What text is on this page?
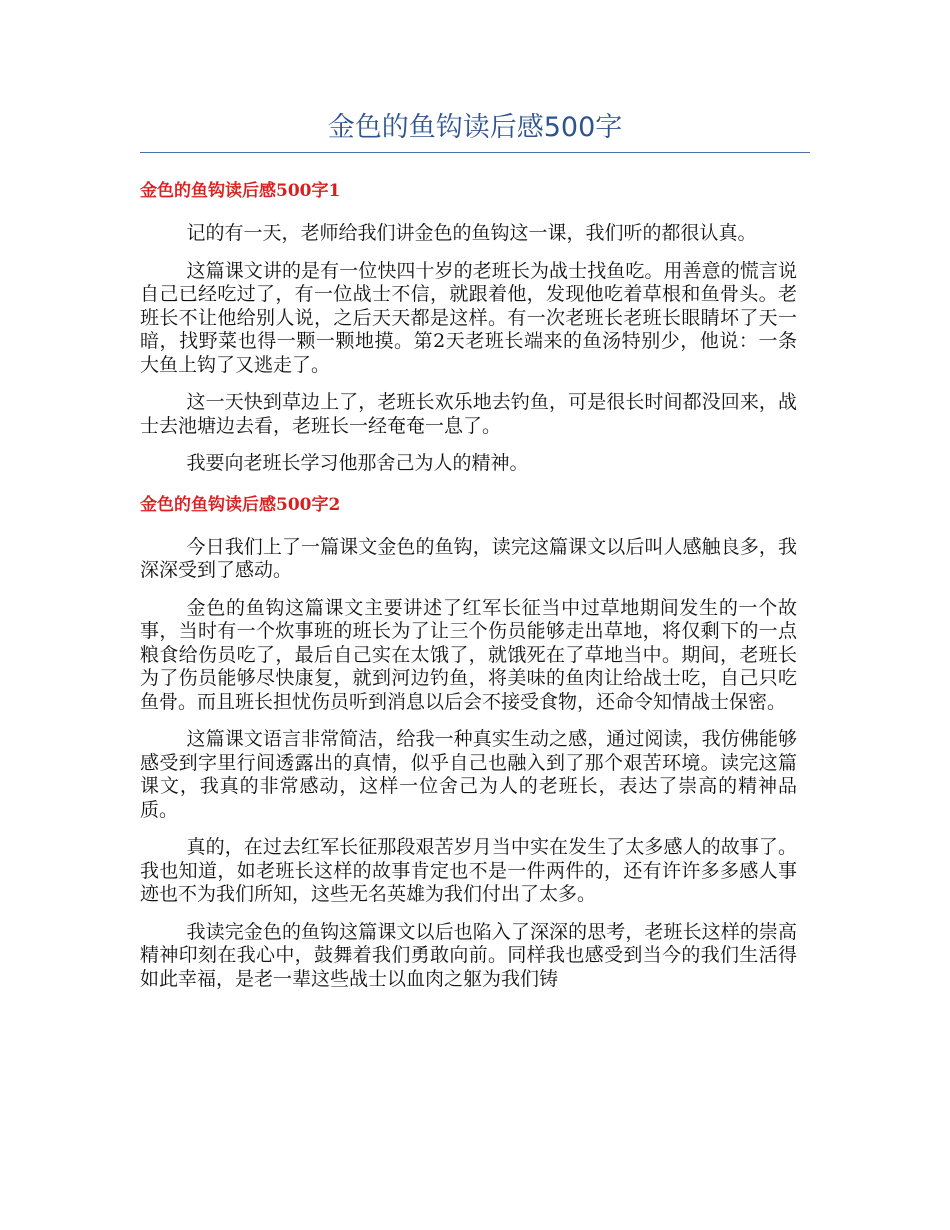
金色的鱼钩读后感500字
金色的鱼钩读后感500字1

记的有一天，老师给我们讲金色的鱼钩这一课，我们听的都很认真。

这篇课文讲的是有一位快四十岁的老班长为战士找鱼吃。用善意的慌言说自己已经吃过了，有一位战士不信，就跟着他，发现他吃着草根和鱼骨头。老班长不让他给别人说，之后天天都是这样。有一次老班长老班长眼睛坏了天一暗，找野菜也得一颗一颗地摸。第2天老班长端来的鱼汤特别少，他说：一条大鱼上钩了又逃走了。

这一天快到草边上了，老班长欢乐地去钓鱼，可是很长时间都没回来，战士去池塘边去看，老班长一经奄奄一息了。

我要向老班长学习他那舍己为人的精神。

金色的鱼钩读后感500字2

今日我们上了一篇课文金色的鱼钩，读完这篇课文以后叫人感触良多，我深深受到了感动。

金色的鱼钩这篇课文主要讲述了红军长征当中过草地期间发生的一个故事，当时有一个炊事班的班长为了让三个伤员能够走出草地，将仅剩下的一点粮食给伤员吃了，最后自己实在太饿了，就饿死在了草地当中。期间，老班长为了伤员能够尽快康复，就到河边钓鱼，将美味的鱼肉让给战士吃，自己只吃鱼骨。而且班长担忧伤员听到消息以后会不接受食物，还命令知情战士保密。

这篇课文语言非常简洁，给我一种真实生动之感，通过阅读，我仿佛能够感受到字里行间透露出的真情，似乎自己也融入到了那个艰苦环境。读完这篇课文，我真的非常感动，这样一位舍己为人的老班长，表达了崇高的精神品质。

真的，在过去红军长征那段艰苦岁月当中实在发生了太多感人的故事了。我也知道，如老班长这样的故事肯定也不是一件两件的，还有许许多多感人事迹也不为我们所知，这些无名英雄为我们付出了太多。

我读完金色的鱼钩这篇课文以后也陷入了深深的思考，老班长这样的崇高精神印刻在我心中，鼓舞着我们勇敢向前。同样我也感受到当今的我们生活得如此幸福，是老一辈这些战士以血肉之躯为我们铸
